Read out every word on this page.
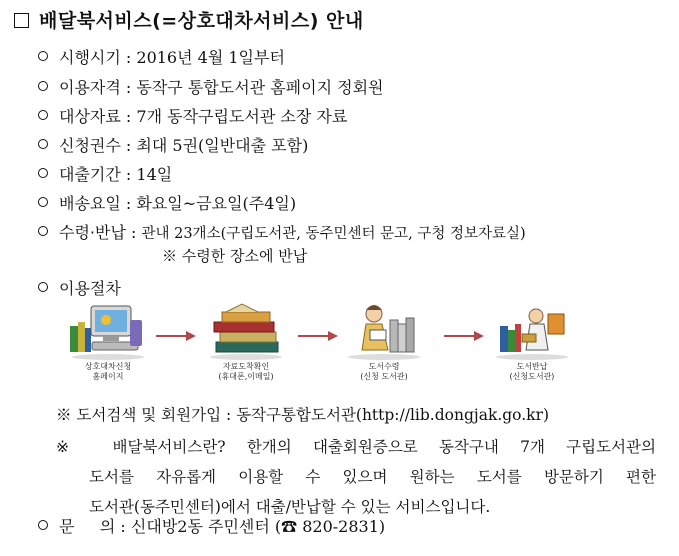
배달북서비스(=상호대차서비스) 안내
시행시기 : 2016년 4월 1일부터
이용자격 : 동작구 통합도서관 홈페이지 정회원
대상자료 : 7개 동작구립도서관 소장 자료
신청권수 : 최대 5권(일반대출 포함)
대출기간 : 14일
배송요일 : 화요일~금요일(주4일)
수령·반납 : 관내 23개소(구립도서관, 동주민센터 문고, 구청 정보자료실)
※ 수령한 장소에 반납
이용절차
상호대차신청
홈페이지
자료도착확인
(휴대폰,이메일)
도서수령
(신청 도서관)
도서반납
(신청도서관)
※ 도서검색 및 회원가입 : 동작구통합도서관(http://lib.dongjak.go.kr)
※ 배달북서비스란? 한개의 대출회원증으로 동작구내 7개 구립도서관의
도서를 자유롭게 이용할 수 있으며 원하는 도서를 방문하기 편한
도서관(동주민센터)에서 대출/반납할 수 있는 서비스입니다.
문     의 : 신대방2동 주민센터 (☎ 820-2831)
